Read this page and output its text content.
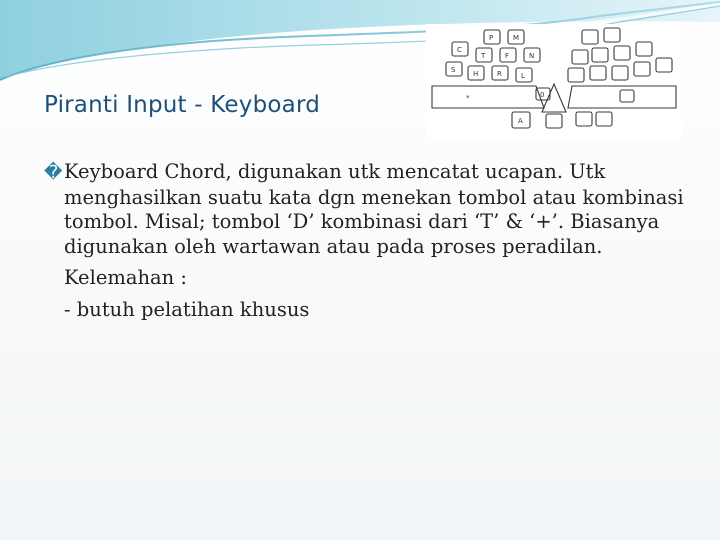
Piranti Input - Keyboard
P	M
C
T	F	N
S	H	R	L
*
A
0

�Keyboard Chord, digunakan utk mencatat ucapan. Utk menghasilkan suatu kata dgn menekan tombol atau kombinasi tombol. Misal; tombol ‘D’ kombinasi dari ‘T’ & ‘+’. Biasanya digunakan oleh wartawan atau pada proses peradilan.

Kelemahan :

- butuh pelatihan khusus
